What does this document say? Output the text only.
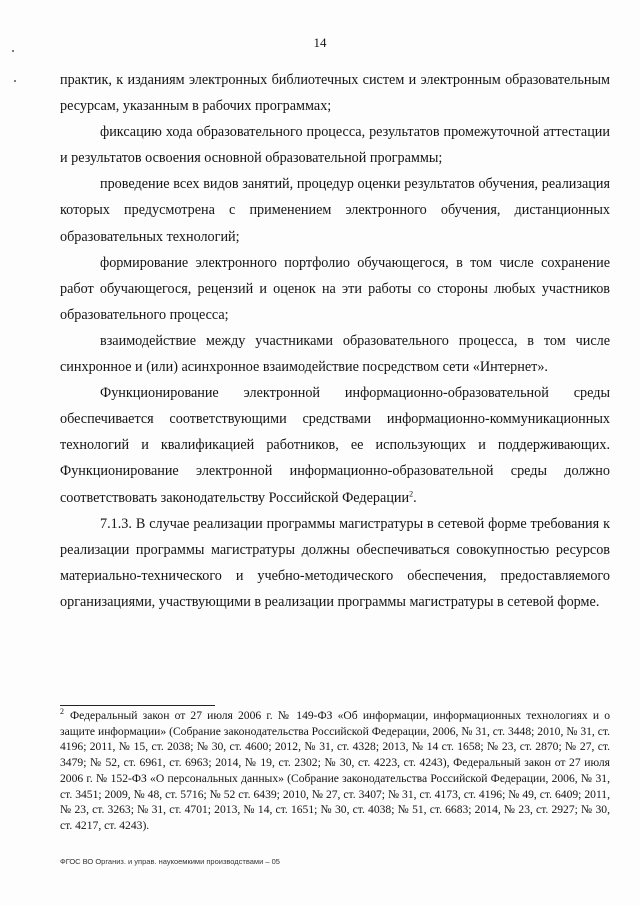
14

практик, к изданиям электронных библиотечных систем и электронным образовательным ресурсам, указанным в рабочих программах;

фиксацию хода образовательного процесса, результатов промежуточной аттестации и результатов освоения основной образовательной программы;

проведение всех видов занятий, процедур оценки результатов обучения, реализация которых предусмотрена с применением электронного обучения, дистанционных образовательных технологий;

формирование электронного портфолио обучающегося, в том числе сохранение работ обучающегося, рецензий и оценок на эти работы со стороны любых участников образовательного процесса;

взаимодействие между участниками образовательного процесса, в том числе синхронное и (или) асинхронное взаимодействие посредством сети «Интернет».

Функционирование электронной информационно-образовательной среды обеспечивается соответствующими средствами информационно-коммуникационных технологий и квалификацией работников, ее использующих и поддерживающих. Функционирование электронной информационно-образовательной среды должно соответствовать законодательству Российской Федерации$^2$.

7.1.3. В случае реализации программы магистратуры в сетевой форме требования к реализации программы магистратуры должны обеспечиваться совокупностью ресурсов материально-технического и учебно-методического обеспечения, предоставляемого организациями, участвующими в реализации программы магистратуры в сетевой форме.

$^2$ Федеральный закон от 27 июля 2006 г. № 149-ФЗ «Об информации, информационных технологиях и о защите информации» (Собрание законодательства Российской Федерации, 2006, № 31, ст. 3448; 2010, № 31, ст. 4196; 2011, № 15, ст. 2038; № 30, ст. 4600; 2012, № 31, ст. 4328; 2013, № 14 ст. 1658; № 23, ст. 2870; № 27, ст. 3479; № 52, ст. 6961, ст. 6963; 2014, № 19, ст. 2302; № 30, ст. 4223, ст. 4243), Федеральный закон от 27 июля 2006 г. № 152-ФЗ «О персональных данных» (Собрание законодательства Российской Федерации, 2006, № 31, ст. 3451; 2009, № 48, ст. 5716; № 52 ст. 6439; 2010, № 27, ст. 3407; № 31, ст. 4173, ст. 4196; № 49, ст. 6409; 2011, № 23, ст. 3263; № 31, ст. 4701; 2013, № 14, ст. 1651; № 30, ст. 4038; № 51, ст. 6683; 2014, № 23, ст. 2927; № 30, ст. 4217, ст. 4243).

ФГОС ВО Организ. и управ. наукоемкими производствами – 05
